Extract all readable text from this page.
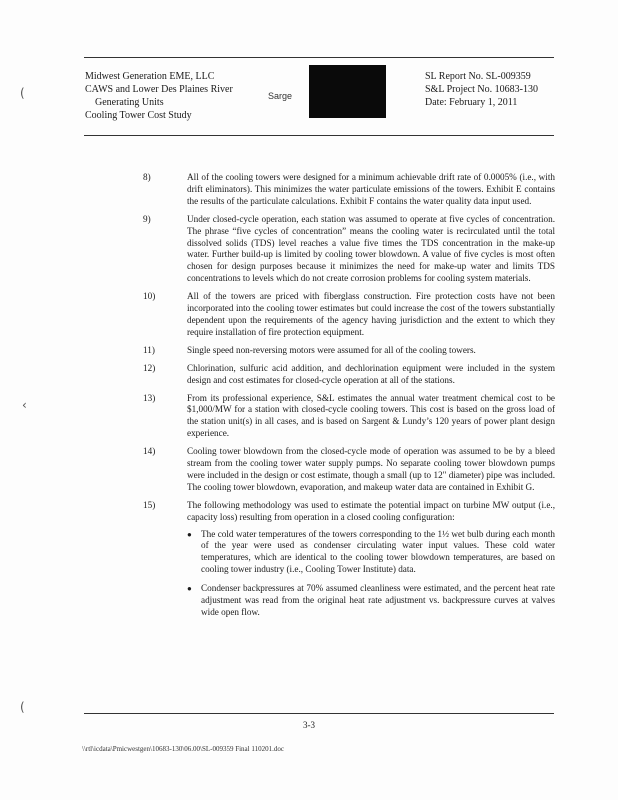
Midwest Generation EME, LLC
CAWS and Lower Des Plaines River
Generating Units
Cooling Tower Cost Study
Sarge
SL Report No. SL-009359
S&L Project No. 10683-130
Date: February 1, 2011
(
‹
(
8)	All of the cooling towers were designed for a minimum achievable drift rate of 0.0005% (i.e., with drift eliminators). This minimizes the water particulate emissions of the towers. Exhibit E contains the results of the particulate calculations. Exhibit F contains the water quality data input used.
9)	Under closed-cycle operation, each station was assumed to operate at five cycles of concentration. The phrase “five cycles of concentration” means the cooling water is recirculated until the total dissolved solids (TDS) level reaches a value five times the TDS concentration in the make-up water. Further build-up is limited by cooling tower blowdown. A value of five cycles is most often chosen for design purposes because it minimizes the need for make-up water and limits TDS concentrations to levels which do not create corrosion problems for cooling system materials.
10)	All of the towers are priced with fiberglass construction. Fire protection costs have not been incorporated into the cooling tower estimates but could increase the cost of the towers substantially dependent upon the requirements of the agency having jurisdiction and the extent to which they require installation of fire protection equipment.
11)	Single speed non-reversing motors were assumed for all of the cooling towers.
12)	Chlorination, sulfuric acid addition, and dechlorination equipment were included in the system design and cost estimates for closed-cycle operation at all of the stations.
13)	From its professional experience, S&L estimates the annual water treatment chemical cost to be $1,000/MW for a station with closed-cycle cooling towers. This cost is based on the gross load of the station unit(s) in all cases, and is based on Sargent & Lundy’s 120 years of power plant design experience.
14)	Cooling tower blowdown from the closed-cycle mode of operation was assumed to be by a bleed stream from the cooling tower water supply pumps. No separate cooling tower blowdown pumps were included in the design or cost estimate, though a small (up to 12" diameter) pipe was included. The cooling tower blowdown, evaporation, and makeup water data are contained in Exhibit G.
15)	The following methodology was used to estimate the potential impact on turbine MW output (i.e., capacity loss) resulting from operation in a closed cooling configuration:
● The cold water temperatures of the towers corresponding to the 1½ wet bulb during each month of the year were used as condenser circulating water input values. These cold water temperatures, which are identical to the cooling tower blowdown temperatures, are based on cooling tower industry (i.e., Cooling Tower Institute) data.
● Condenser backpressures at 70% assumed cleanliness were estimated, and the percent heat rate adjustment was read from the original heat rate adjustment vs. backpressure curves at valves wide open flow.
3-3
\\rtl\icdata\Pmicwestgen\10683-130\06.00\SL-009359 Final 110201.doc
